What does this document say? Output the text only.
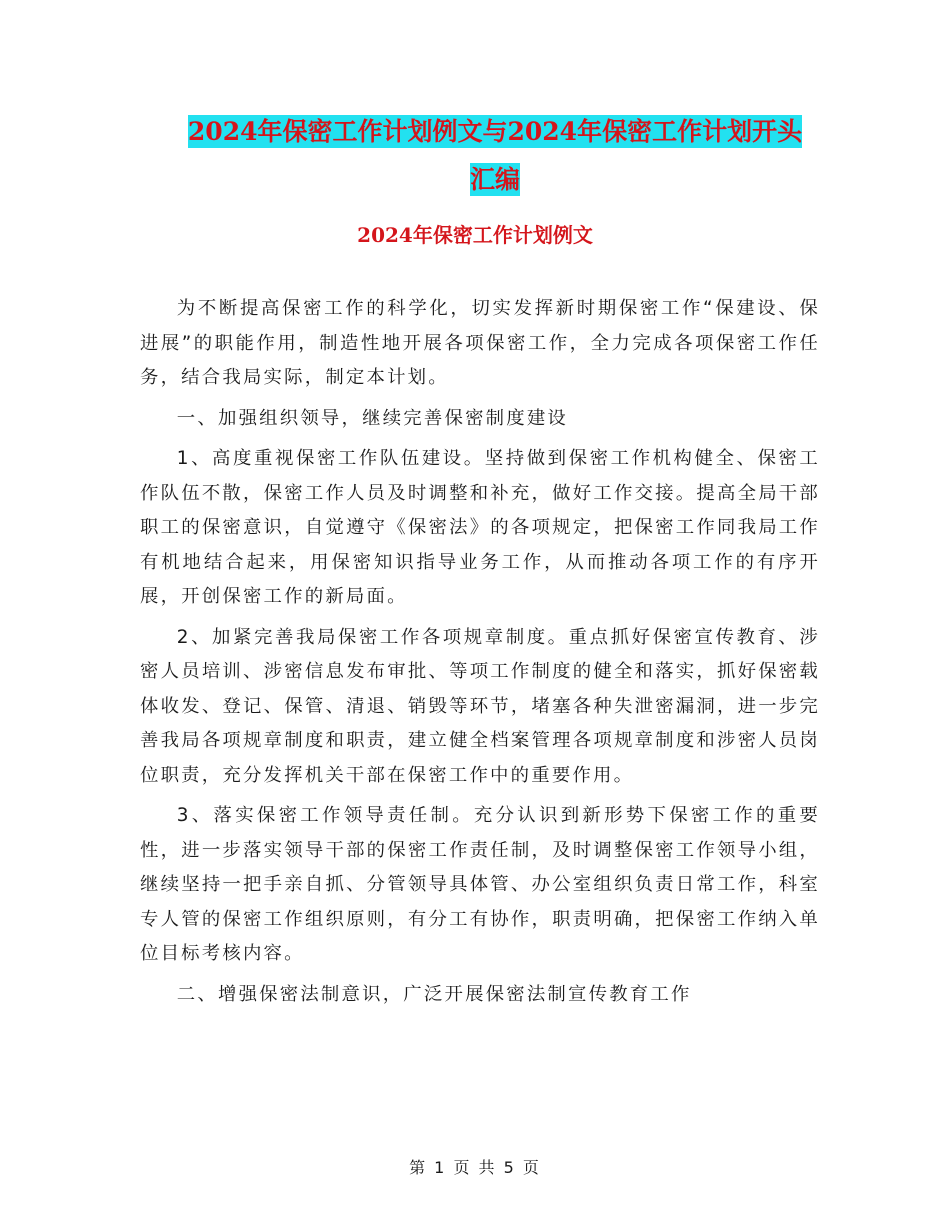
2024年保密工作计划例文与2024年保密工作计划开头
汇编
2024年保密工作计划例文

为不断提高保密工作的科学化，切实发挥新时期保密工作“保建设、保进展”的职能作用，制造性地开展各项保密工作，全力完成各项保密工作任务，结合我局实际，制定本计划。

一、加强组织领导，继续完善保密制度建设

1、高度重视保密工作队伍建设。坚持做到保密工作机构健全、保密工作队伍不散，保密工作人员及时调整和补充，做好工作交接。提高全局干部职工的保密意识，自觉遵守《保密法》的各项规定，把保密工作同我局工作有机地结合起来，用保密知识指导业务工作，从而推动各项工作的有序开展，开创保密工作的新局面。

2、加紧完善我局保密工作各项规章制度。重点抓好保密宣传教育、涉密人员培训、涉密信息发布审批、等项工作制度的健全和落实，抓好保密载体收发、登记、保管、清退、销毁等环节，堵塞各种失泄密漏洞，进一步完善我局各项规章制度和职责，建立健全档案管理各项规章制度和涉密人员岗位职责，充分发挥机关干部在保密工作中的重要作用。

3、落实保密工作领导责任制。充分认识到新形势下保密工作的重要性，进一步落实领导干部的保密工作责任制，及时调整保密工作领导小组，继续坚持一把手亲自抓、分管领导具体管、办公室组织负责日常工作，科室专人管的保密工作组织原则，有分工有协作，职责明确，把保密工作纳入单位目标考核内容。

二、增强保密法制意识，广泛开展保密法制宣传教育工作

第 1 页 共 5 页
